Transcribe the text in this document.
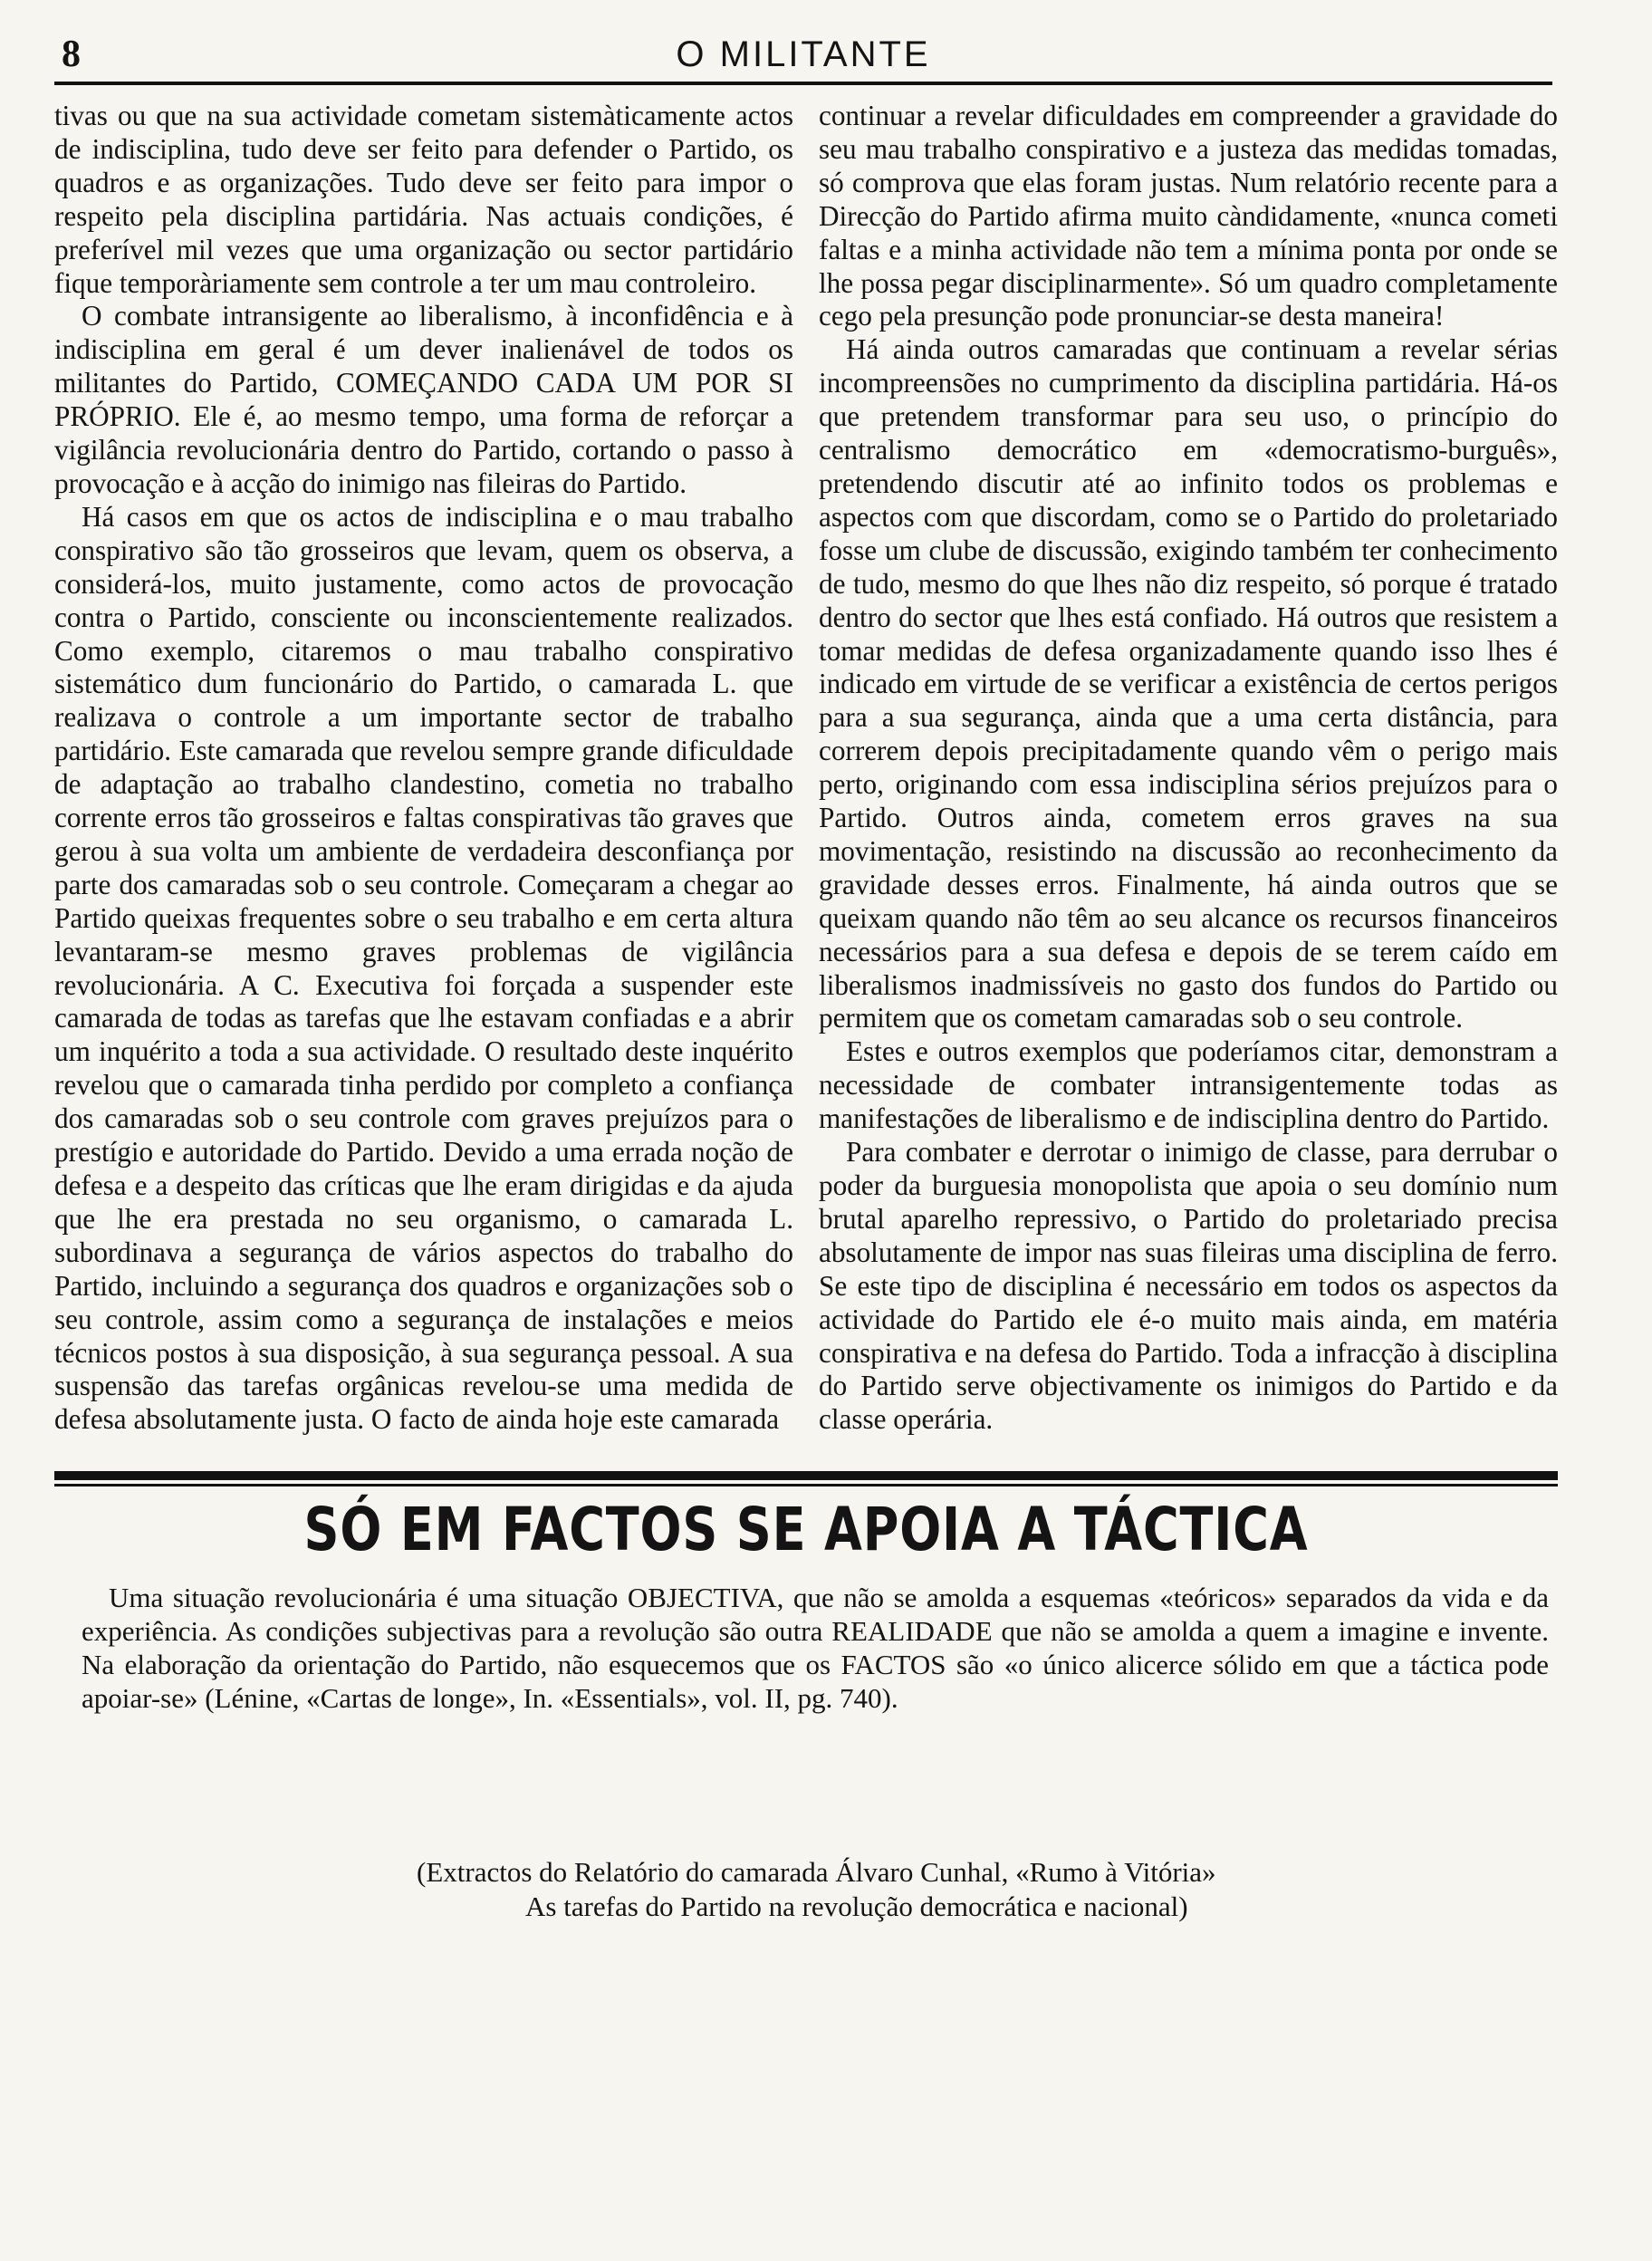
8	O MILITANTE

tivas ou que na sua actividade cometam sistemàticamente actos de indisciplina, tudo deve ser feito para defender o Partido, os quadros e as organizações. Tudo deve ser feito para impor o respeito pela disciplina partidária. Nas actuais condições, é preferível mil vezes que uma organização ou sector partidário fique temporàriamente sem controle a ter um mau controleiro.

O combate intransigente ao liberalismo, à inconfidência e à indisciplina em geral é um dever inalienável de todos os militantes do Partido, COMEÇANDO CADA UM POR SI PRÓPRIO. Ele é, ao mesmo tempo, uma forma de reforçar a vigilância revolucionária dentro do Partido, cortando o passo à provocação e à acção do inimigo nas fileiras do Partido.

Há casos em que os actos de indisciplina e o mau trabalho conspirativo são tão grosseiros que levam, quem os observa, a considerá-los, muito justamente, como actos de provocação contra o Partido, consciente ou inconscientemente realizados. Como exemplo, citaremos o mau trabalho conspirativo sistemático dum funcionário do Partido, o camarada L. que realizava o controle a um importante sector de trabalho partidário. Este camarada que revelou sempre grande dificuldade de adaptação ao trabalho clandestino, cometia no trabalho corrente erros tão grosseiros e faltas conspirativas tão graves que gerou à sua volta um ambiente de verdadeira desconfiança por parte dos camaradas sob o seu controle. Começaram a chegar ao Partido queixas frequentes sobre o seu trabalho e em certa altura levantaram-se mesmo graves problemas de vigilância revolucionária. A C. Executiva foi forçada a suspender este camarada de todas as tarefas que lhe estavam confiadas e a abrir um inquérito a toda a sua actividade. O resultado deste inquérito revelou que o camarada tinha perdido por completo a confiança dos camaradas sob o seu controle com graves prejuízos para o prestígio e autoridade do Partido. Devido a uma errada noção de defesa e a despeito das críticas que lhe eram dirigidas e da ajuda que lhe era prestada no seu organismo, o camarada L. subordinava a segurança de vários aspectos do trabalho do Partido, incluindo a segurança dos quadros e organizações sob o seu controle, assim como a segurança de instalações e meios técnicos postos à sua disposição, à sua segurança pessoal. A sua suspensão das tarefas orgânicas revelou-se uma medida de defesa absolutamente justa. O facto de ainda hoje este camarada

continuar a revelar dificuldades em compreender a gravidade do seu mau trabalho conspirativo e a justeza das medidas tomadas, só comprova que elas foram justas. Num relatório recente para a Direcção do Partido afirma muito càndidamente, «nunca cometi faltas e a minha actividade não tem a mínima ponta por onde se lhe possa pegar disciplinarmente». Só um quadro completamente cego pela presunção pode pronunciar-se desta maneira!

Há ainda outros camaradas que continuam a revelar sérias incompreensões no cumprimento da disciplina partidária. Há-os que pretendem transformar para seu uso, o princípio do centralismo democrático em «democratismo-burguês», pretendendo discutir até ao infinito todos os problemas e aspectos com que discordam, como se o Partido do proletariado fosse um clube de discussão, exigindo também ter conhecimento de tudo, mesmo do que lhes não diz respeito, só porque é tratado dentro do sector que lhes está confiado. Há outros que resistem a tomar medidas de defesa organizadamente quando isso lhes é indicado em virtude de se verificar a existência de certos perigos para a sua segurança, ainda que a uma certa distância, para correrem depois precipitadamente quando vêm o perigo mais perto, originando com essa indisciplina sérios prejuízos para o Partido. Outros ainda, cometem erros graves na sua movimentação, resistindo na discussão ao reconhecimento da gravidade desses erros. Finalmente, há ainda outros que se queixam quando não têm ao seu alcance os recursos financeiros necessários para a sua defesa e depois de se terem caído em liberalismos inadmissíveis no gasto dos fundos do Partido ou permitem que os cometam camaradas sob o seu controle.

Estes e outros exemplos que poderíamos citar, demonstram a necessidade de combater intransigentemente todas as manifestações de liberalismo e de indisciplina dentro do Partido.

Para combater e derrotar o inimigo de classe, para derrubar o poder da burguesia monopolista que apoia o seu domínio num brutal aparelho repressivo, o Partido do proletariado precisa absolutamente de impor nas suas fileiras uma disciplina de ferro. Se este tipo de disciplina é necessário em todos os aspectos da actividade do Partido ele é-o muito mais ainda, em matéria conspirativa e na defesa do Partido. Toda a infracção à disciplina do Partido serve objectivamente os inimigos do Partido e da classe operária.

SÓ EM FACTOS SE APOIA A TÁCTICA

Uma situação revolucionária é uma situação OBJECTIVA, que não se amolda a esquemas «teóricos» separados da vida e da experiência. As condições subjectivas para a revolução são outra REALIDADE que não se amolda a quem a imagine e invente. Na elaboração da orientação do Partido, não esquecemos que os FACTOS são «o único alicerce sólido em que a táctica pode apoiar-se» (Lénine, «Cartas de longe», In. «Essentials», vol. II, pg. 740).

(Extractos do Relatório do camarada Álvaro Cunhal, «Rumo à Vitória»
As tarefas do Partido na revolução democrática e nacional)
